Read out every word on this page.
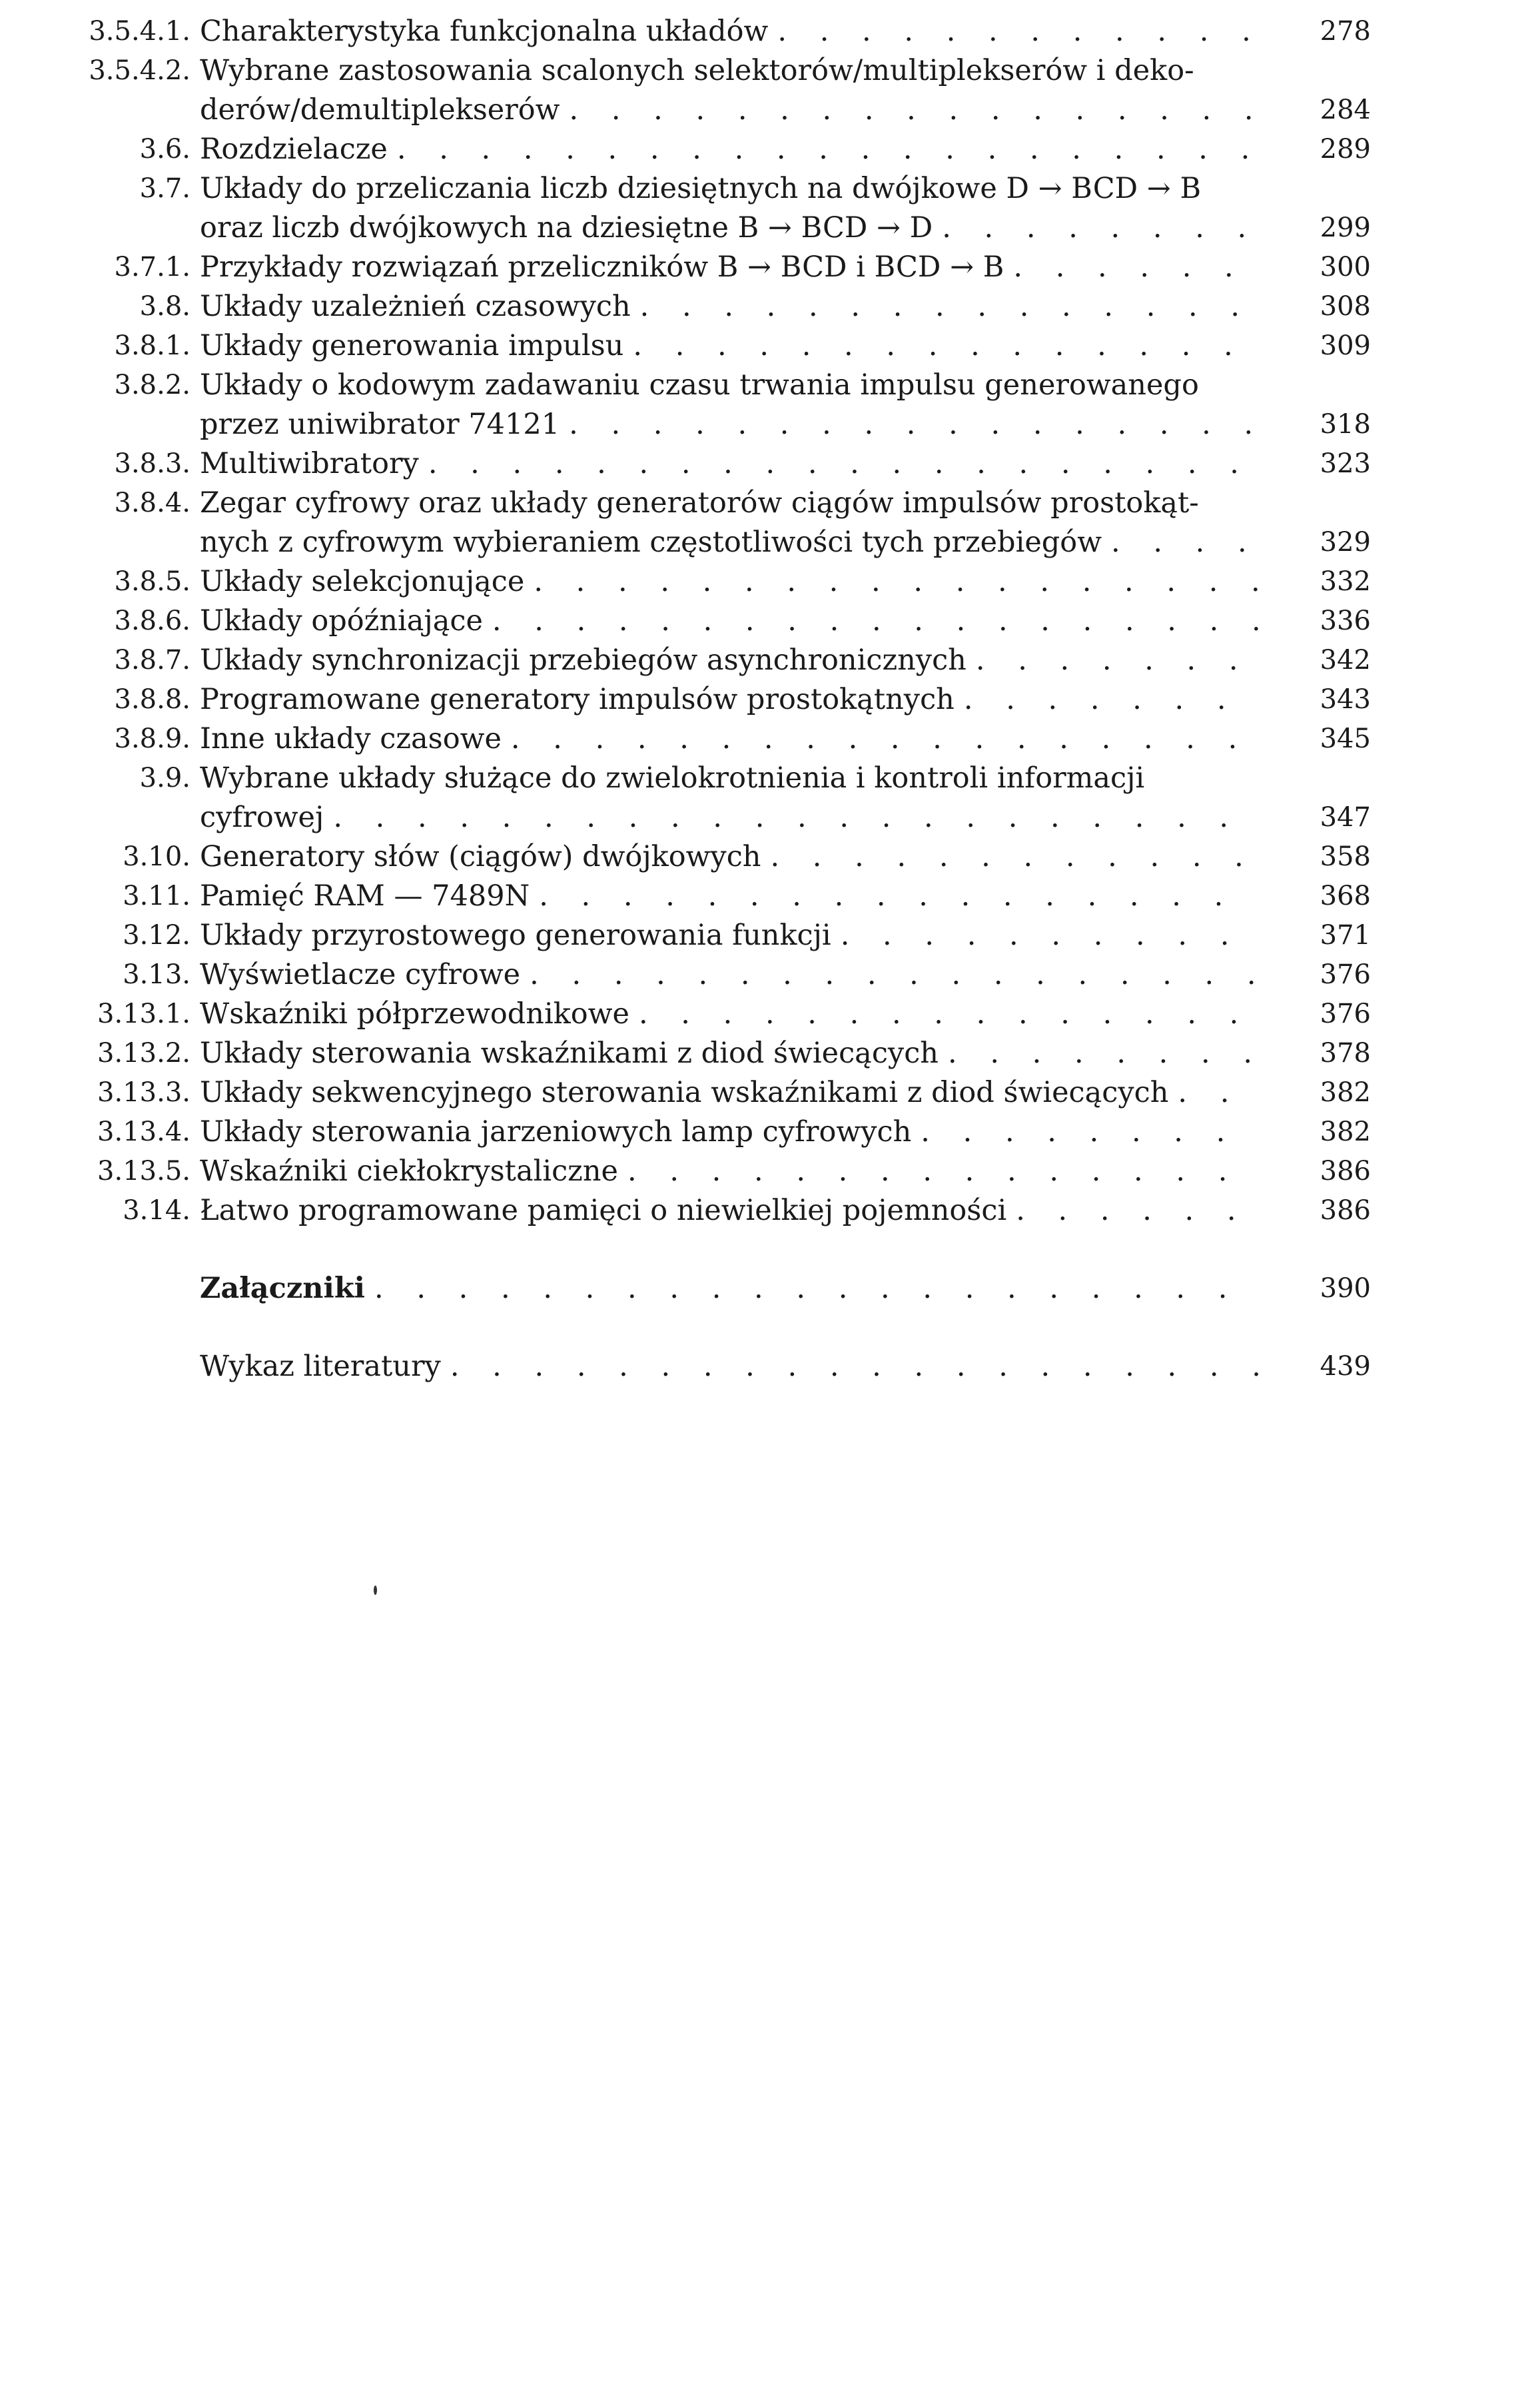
3.5.4.1. Charakterystyka funkcjonalna układów . . .	278
3.5.4.2. Wybrane zastosowania scalonych selektorów/multiplekserów i deko-
derów/demultiplekserów . . .	284
3.6. Rozdzielacze . . .	289
3.7. Układy do przeliczania liczb dziesiętnych na dwójkowe D → BCD → B
oraz liczb dwójkowych na dziesiętne B → BCD → D . . .	299
3.7.1. Przykłady rozwiązań przeliczników B → BCD i BCD → B . . .	300
3.8. Układy uzależnień czasowych . . .	308
3.8.1. Układy generowania impulsu . . .	309
3.8.2. Układy o kodowym zadawaniu czasu trwania impulsu generowanego
przez uniwibrator 74121 . . .	318
3.8.3. Multiwibratory . . .	323
3.8.4. Zegar cyfrowy oraz układy generatorów ciągów impulsów prostokąt-
nych z cyfrowym wybieraniem częstotliwości tych przebiegów . . .	329
3.8.5. Układy selekcjonujące . . .	332
3.8.6. Układy opóźniające . . .	336
3.8.7. Układy synchronizacji przebiegów asynchronicznych . . .	342
3.8.8. Programowane generatory impulsów prostokątnych . . .	343
3.8.9. Inne układy czasowe . . .	345
3.9. Wybrane układy służące do zwielokrotnienia i kontroli informacji
cyfrowej . . .	347
3.10. Generatory słów (ciągów) dwójkowych . . .	358
3.11. Pamięć RAM — 7489N . . .	368
3.12. Układy przyrostowego generowania funkcji . . .	371
3.13. Wyświetlacze cyfrowe . . .	376
3.13.1. Wskaźniki półprzewodnikowe . . .	376
3.13.2. Układy sterowania wskaźnikami z diod świecących . . .	378
3.13.3. Układy sekwencyjnego sterowania wskaźnikami z diod świecących . . .	382
3.13.4. Układy sterowania jarzeniowych lamp cyfrowych . . .	382
3.13.5. Wskaźniki ciekłokrystaliczne . . .	386
3.14. Łatwo programowane pamięci o niewielkiej pojemności . . .	386
Załączniki . . .	390
Wykaz literatury . . .	439
